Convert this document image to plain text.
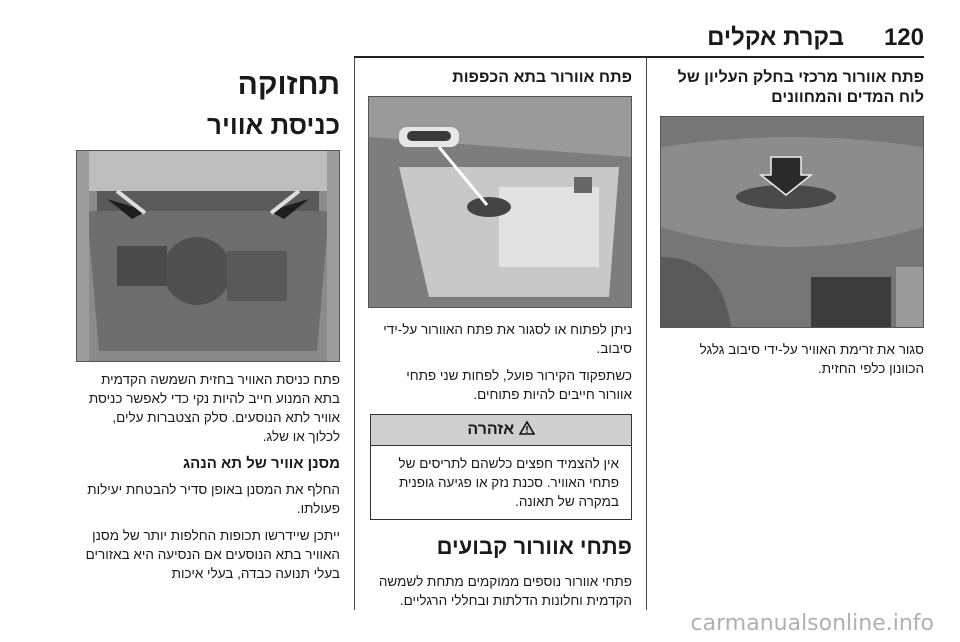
120
בקרת אקלים
תחזוקה
כניסת אוויר
פתח כניסת האוויר בחזית השמשה הקדמית בתא המנוע חייב להיות נקי כדי לאפשר כניסת אוויר לתא הנוסעים. סלק הצטברות עלים, לכלוך או שלג.
מסנן אוויר של תא הנהג
החלף את המסנן באופן סדיר להבטחת יעילות פעולתו.
ייתכן שיידרשו תכופות החלפות יותר של מסנן האוויר בתא הנוסעים אם הנסיעה היא באזורים בעלי תנועה כבדה, בעלי איכות
פתח אוורור בתא הכפפות
ניתן לפתוח או לסגור את פתח האוורור על-ידי סיבוב.
כשתפקוד הקירור פועל, לפחות שני פתחי אוורור חייבים להיות פתוחים.
אזהרה
אין להצמיד חפצים כלשהם לתריסים של פתחי האוויר. סכנת נזק או פגיעה גופנית במקרה של תאונה.
פתחי אוורור קבועים
פתחי אוורור נוספים ממוקמים מתחת לשמשה הקדמית וחלונות הדלתות ובחללי הרגליים.
פתח אוורור מרכזי בחלק העליון של לוח המדים והמחוונים
סגור את זרימת האוויר על-ידי סיבוב גלגל הכוונון כלפי החזית.
carmanualsonline.info
